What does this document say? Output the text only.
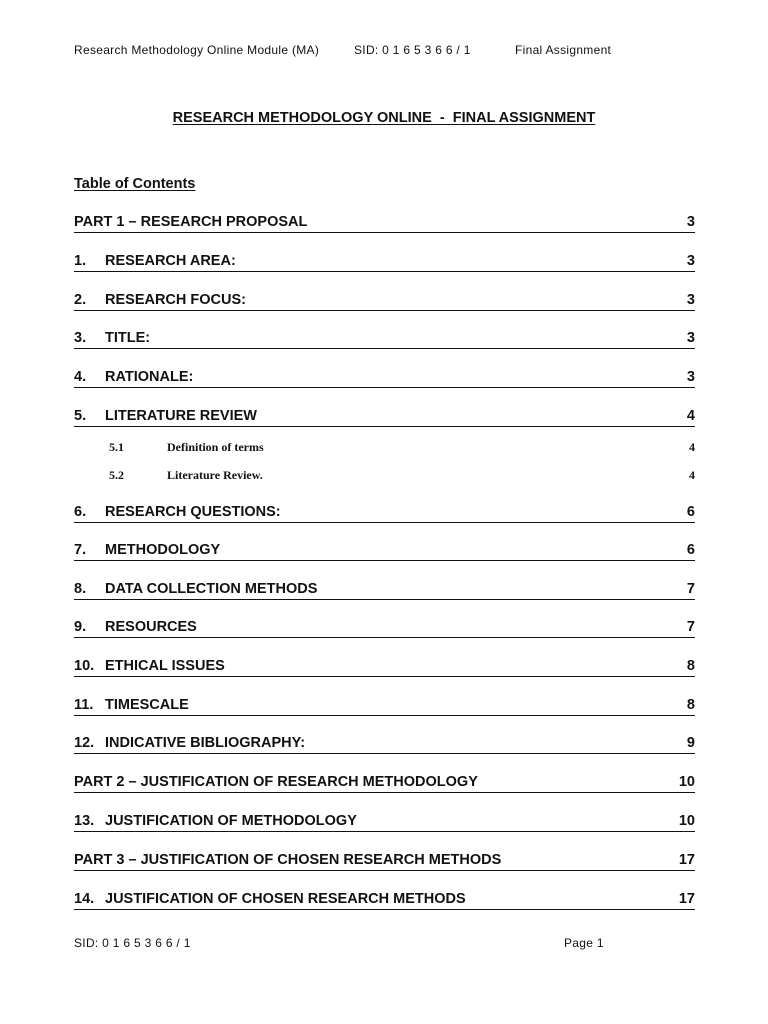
Research Methodology Online Module (MA)	SID: 0 1 6 5 3 6 6 / 1	Final Assignment
RESEARCH METHODOLOGY ONLINE  -  FINAL ASSIGNMENT
Table of Contents
PART 1 – RESEARCH PROPOSAL	3
1. RESEARCH AREA:	3
2. RESEARCH FOCUS:	3
3. TITLE:	3
4. RATIONALE:	3
5. LITERATURE REVIEW	4
5.1	Definition of terms	4
5.2	Literature Review.	4
6. RESEARCH QUESTIONS:	6
7. METHODOLOGY	6
8. DATA COLLECTION METHODS	7
9. RESOURCES	7
10. ETHICAL ISSUES	8
11. TIMESCALE	8
12. INDICATIVE BIBLIOGRAPHY:	9
PART 2 – JUSTIFICATION OF RESEARCH METHODOLOGY	10
13. JUSTIFICATION OF METHODOLOGY	10
PART 3 – JUSTIFICATION OF CHOSEN RESEARCH METHODS	17
14. JUSTIFICATION OF CHOSEN RESEARCH METHODS	17
SID: 0 1 6 5 3 6 6 / 1	Page 1
